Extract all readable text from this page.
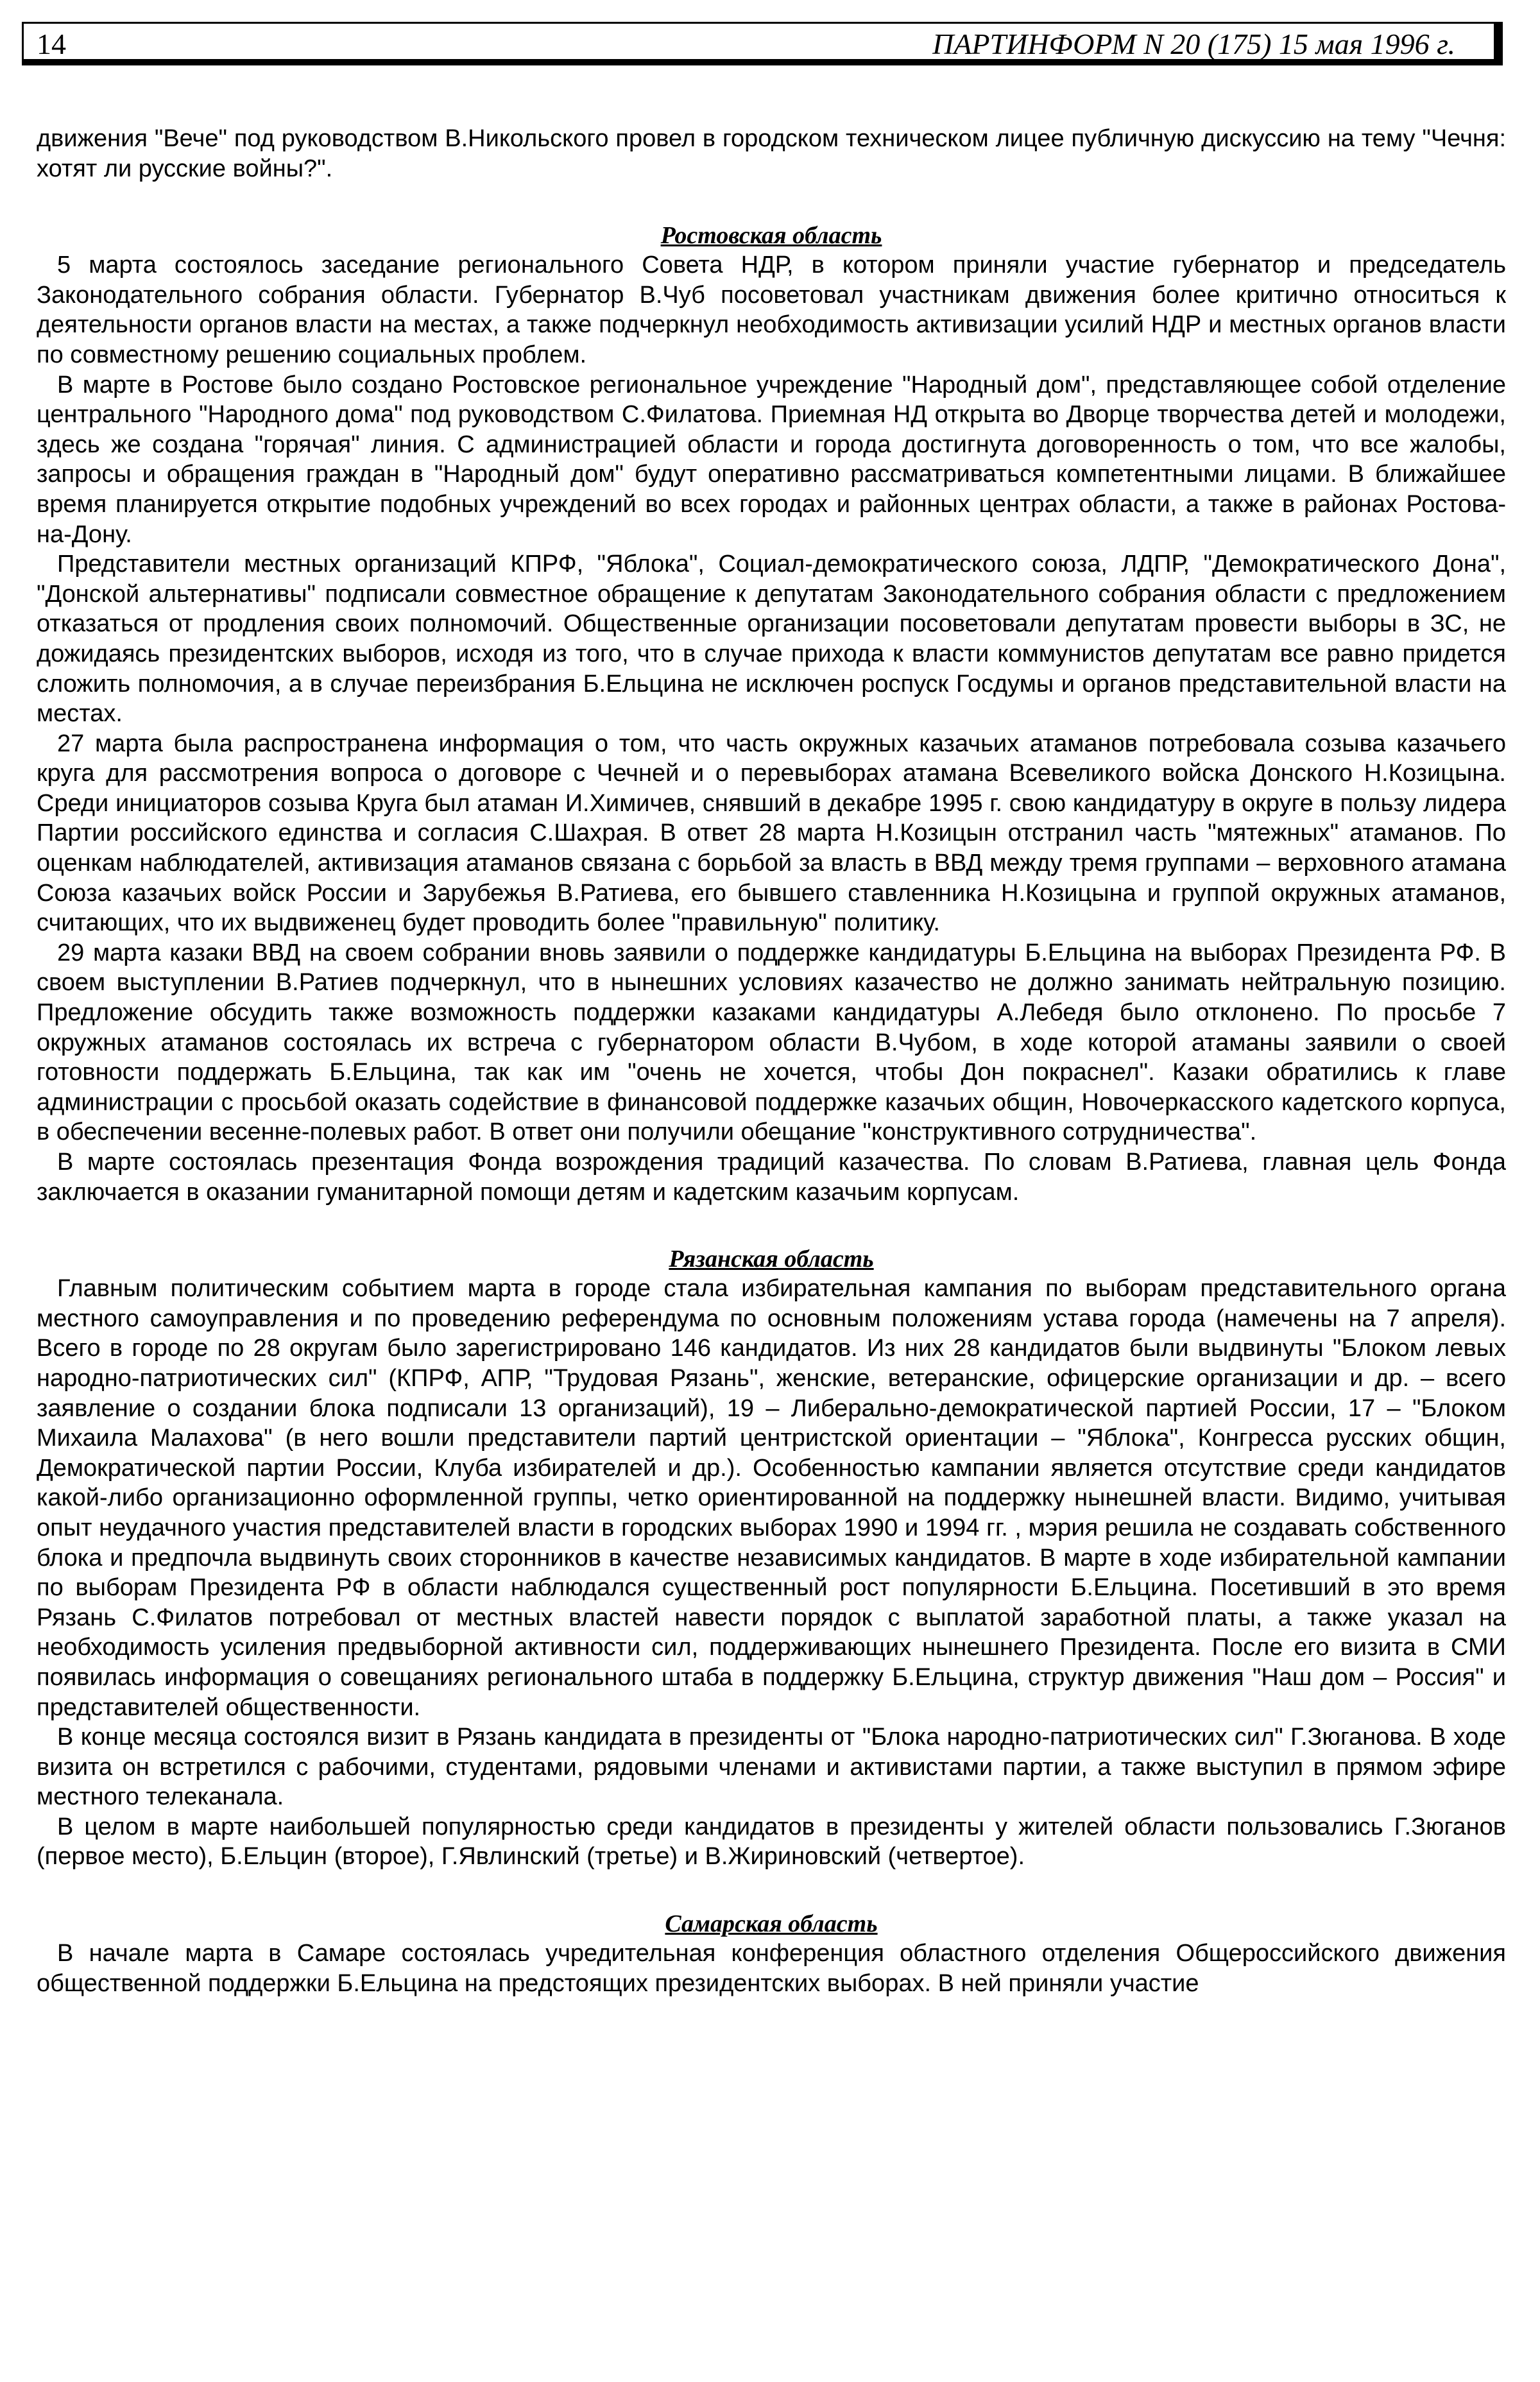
14	ПАРТИНФОРМ N 20 (175) 15 мая 1996 г.

движения "Вече" под руководством В.Никольского провел в городском техническом лицее публичную дискуссию на тему "Чечня: хотят ли русские войны?".

Ростовская область

5 марта состоялось заседание регионального Совета НДР, в котором приняли участие губернатор и председатель Законодательного собрания области. Губернатор В.Чуб посоветовал участникам движения более критично относиться к деятельности органов власти на местах, а также подчеркнул необходимость активизации усилий НДР и местных органов власти по совместному решению социальных проблем.

В марте в Ростове было создано Ростовское региональное учреждение "Народный дом", представляющее собой отделение центрального "Народного дома" под руководством С.Филатова. Приемная НД открыта во Дворце творчества детей и молодежи, здесь же создана "горячая" линия. С администрацией области и города достигнута договоренность о том, что все жалобы, запросы и обращения граждан в "Народный дом" будут оперативно рассматриваться компетентными лицами. В ближайшее время планируется открытие подобных учреждений во всех городах и районных центрах области, а также в районах Ростова-на-Дону.

Представители местных организаций КПРФ, "Яблока", Социал-демократического союза, ЛДПР, "Демократического Дона", "Донской альтернативы" подписали совместное обращение к депутатам Законодательного собрания области с предложением отказаться от продления своих полномочий. Общественные организации посоветовали депутатам провести выборы в ЗС, не дожидаясь президентских выборов, исходя из того, что в случае прихода к власти коммунистов депутатам все равно придется сложить полномочия, а в случае переизбрания Б.Ельцина не исключен роспуск Госдумы и органов представительной власти на местах.

27 марта была распространена информация о том, что часть окружных казачьих атаманов потребовала созыва казачьего круга для рассмотрения вопроса о договоре с Чечней и о перевыборах атамана Всевеликого войска Донского Н.Козицына. Среди инициаторов созыва Круга был атаман И.Химичев, снявший в декабре 1995 г. свою кандидатуру в округе в пользу лидера Партии российского единства и согласия С.Шахрая. В ответ 28 марта Н.Козицын отстранил часть "мятежных" атаманов. По оценкам наблюдателей, активизация атаманов связана с борьбой за власть в ВВД между тремя группами – верховного атамана Союза казачьих войск России и Зарубежья В.Ратиева, его бывшего ставленника Н.Козицына и группой окружных атаманов, считающих, что их выдвиженец будет проводить более "правильную" политику.

29 марта казаки ВВД на своем собрании вновь заявили о поддержке кандидатуры Б.Ельцина на выборах Президента РФ. В своем выступлении В.Ратиев подчеркнул, что в нынешних условиях казачество не должно занимать нейтральную позицию. Предложение обсудить также возможность поддержки казаками кандидатуры А.Лебедя было отклонено. По просьбе 7 окружных атаманов состоялась их встреча с губернатором области В.Чубом, в ходе которой атаманы заявили о своей готовности поддержать Б.Ельцина, так как им "очень не хочется, чтобы Дон покраснел". Казаки обратились к главе администрации с просьбой оказать содействие в финансовой поддержке казачьих общин, Новочеркасского кадетского корпуса, в обеспечении весенне-полевых работ. В ответ они получили обещание "конструктивного сотрудничества".

В марте состоялась презентация Фонда возрождения традиций казачества. По словам В.Ратиева, главная цель Фонда заключается в оказании гуманитарной помощи детям и кадетским казачьим корпусам.

Рязанская область

Главным политическим событием марта в городе стала избирательная кампания по выборам представительного органа местного самоуправления и по проведению референдума по основным положениям устава города (намечены на 7 апреля). Всего в городе по 28 округам было зарегистрировано 146 кандидатов. Из них 28 кандидатов были выдвинуты "Блоком левых народно-патриотических сил" (КПРФ, АПР, "Трудовая Рязань", женские, ветеранские, офицерские организации и др. – всего заявление о создании блока подписали 13 организаций), 19 – Либерально-демократической партией России, 17 – "Блоком Михаила Малахова" (в него вошли представители партий центристской ориентации – "Яблока", Конгресса русских общин, Демократической партии России, Клуба избирателей и др.). Особенностью кампании является отсутствие среди кандидатов какой-либо организационно оформленной группы, четко ориентированной на поддержку нынешней власти. Видимо, учитывая опыт неудачного участия представителей власти в городских выборах 1990 и 1994 гг. , мэрия решила не создавать собственного блока и предпочла выдвинуть своих сторонников в качестве независимых кандидатов. В марте в ходе избирательной кампании по выборам Президента РФ в области наблюдался существенный рост популярности Б.Ельцина. Посетивший в это время Рязань С.Филатов потребовал от местных властей навести порядок с выплатой заработной платы, а также указал на необходимость усиления предвыборной активности сил, поддерживающих нынешнего Президента. После его визита в СМИ появилась информация о совещаниях регионального штаба в поддержку Б.Ельцина, структур движения "Наш дом – Россия" и представителей общественности.

В конце месяца состоялся визит в Рязань кандидата в президенты от "Блока народно-патриотических сил" Г.Зюганова. В ходе визита он встретился с рабочими, студентами, рядовыми членами и активистами партии, а также выступил в прямом эфире местного телеканала.

В целом в марте наибольшей популярностью среди кандидатов в президенты у жителей области пользовались Г.Зюганов (первое место), Б.Ельцин (второе), Г.Явлинский (третье) и В.Жириновский (четвертое).

Самарская область

В начале марта в Самаре состоялась учредительная конференция областного отделения Общероссийского движения общественной поддержки Б.Ельцина на предстоящих президентских выборах. В ней приняли участие
